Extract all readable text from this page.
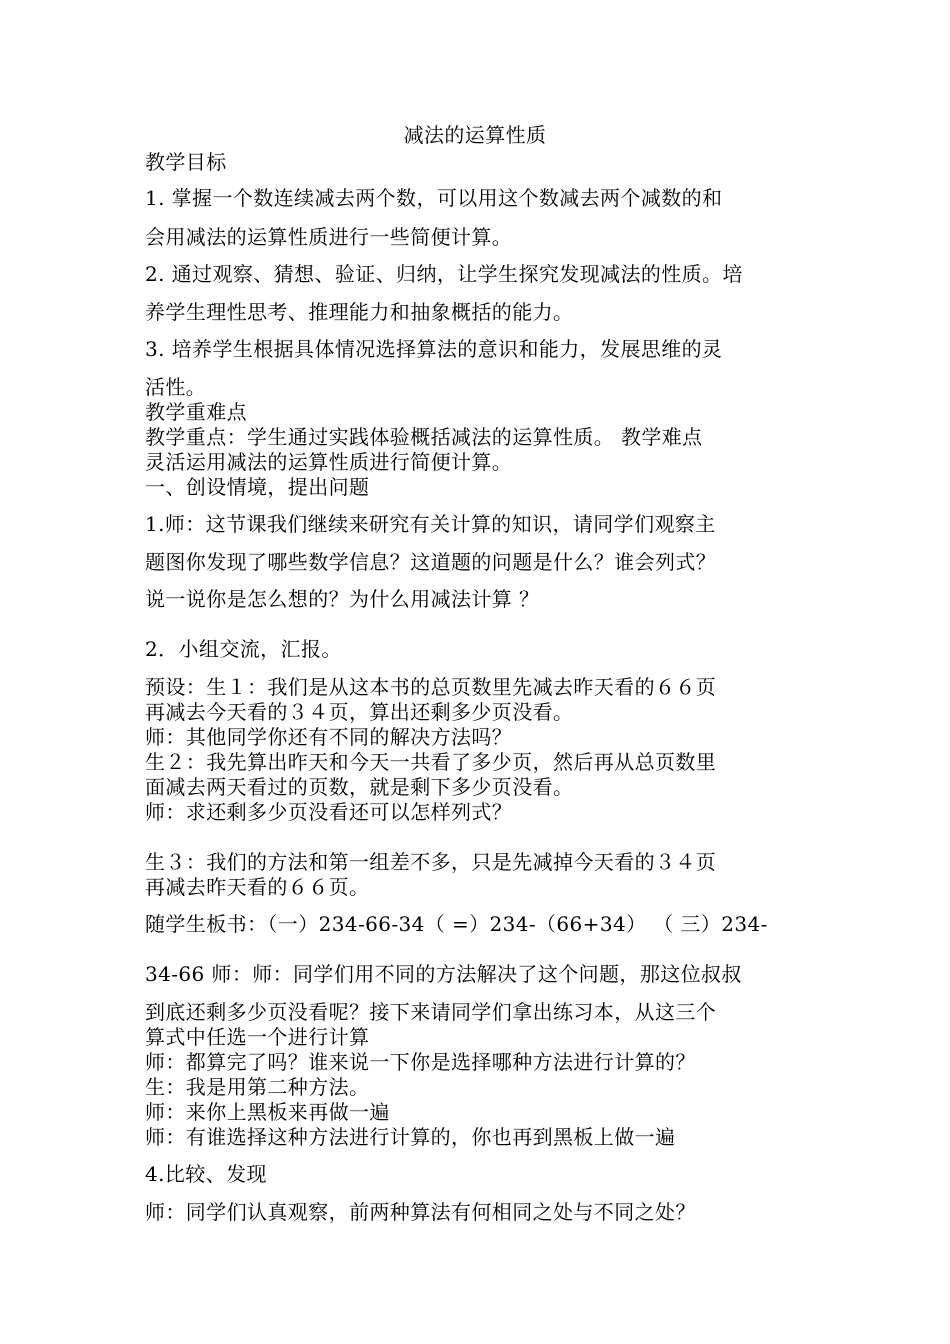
减法的运算性质
教学目标
1. 掌握一个数连续减去两个数，可以用这个数减去两个减数的和
会用减法的运算性质进行一些简便计算。
2. 通过观察、猜想、验证、归纳，让学生探究发现减法的性质。培
养学生理性思考、推理能力和抽象概括的能力。
3. 培养学生根据具体情况选择算法的意识和能力，发展思维的灵
活性。
教学重难点
教学重点：学生通过实践体验概括减法的运算性质。 教学难点
灵活运用减法的运算性质进行简便计算。
一、创设情境，提出问题
1.师：这节课我们继续来研究有关计算的知识，请同学们观察主
题图你发现了哪些数学信息？这道题的问题是什么？谁会列式？
说一说你是怎么想的？为什么用减法计算 ？
2．小组交流，汇报。
预设：生１：我们是从这本书的总页数里先减去昨天看的６６页
再减去今天看的３４页，算出还剩多少页没看。
师：其他同学你还有不同的解决方法吗？
生２：我先算出昨天和今天一共看了多少页，然后再从总页数里
面减去两天看过的页数，就是剩下多少页没看。
师：求还剩多少页没看还可以怎样列式？
生３：我们的方法和第一组差不多，只是先减掉今天看的３４页
再减去昨天看的６６页。
随学生板书：（一）234-66-34（ =）234-（66+34） （ 三）234-
34-66 师：师：同学们用不同的方法解决了这个问题，那这位叔叔
到底还剩多少页没看呢？接下来请同学们拿出练习本，从这三个
算式中任选一个进行计算
师：都算完了吗？谁来说一下你是选择哪种方法进行计算的？
生：我是用第二种方法。
师：来你上黑板来再做一遍
师：有谁选择这种方法进行计算的，你也再到黑板上做一遍
4.比较、发现
师：同学们认真观察，前两种算法有何相同之处与不同之处？
